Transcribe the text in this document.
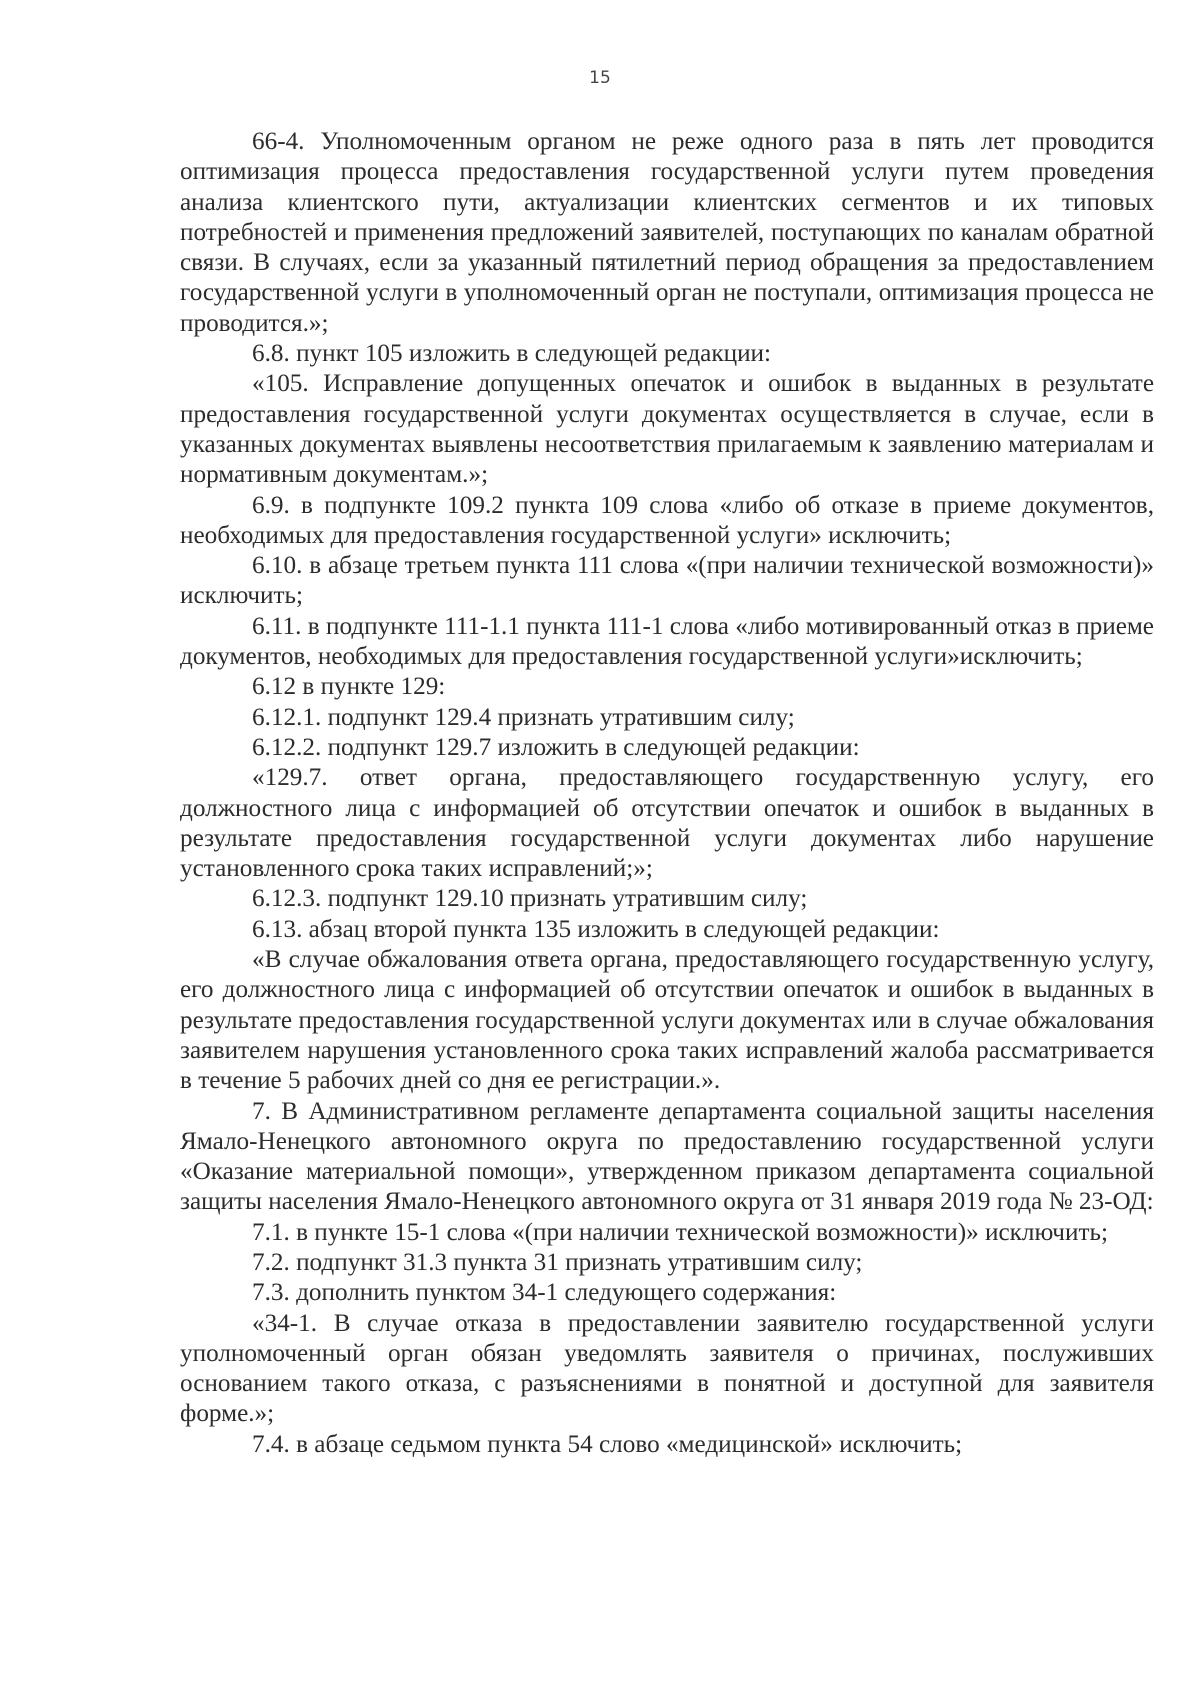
15

66-4. Уполномоченным органом не реже одного раза в пять лет проводится оптимизация процесса предоставления государственной услуги путем проведения анализа клиентского пути, актуализации клиентских сегментов и их типовых потребностей и применения предложений заявителей, поступающих по каналам обратной связи. В случаях, если за указанный пятилетний период обращения за предоставлением государственной услуги в уполномоченный орган не поступали, оптимизация процесса не проводится.»;

6.8. пункт 105 изложить в следующей редакции:

«105. Исправление допущенных опечаток и ошибок в выданных в результате предоставления государственной услуги документах осуществляется в случае, если в указанных документах выявлены несоответствия прилагаемым к заявлению материалам и нормативным документам.»;

6.9. в подпункте 109.2 пункта 109 слова «либо об отказе в приеме документов, необходимых для предоставления государственной услуги» исключить;

6.10. в абзаце третьем пункта 111 слова «(при наличии технической возможности)» исключить;

6.11. в подпункте 111-1.1 пункта 111-1 слова «либо мотивированный отказ в приеме документов, необходимых для предоставления государственной услуги»исключить;

6.12 в пункте 129:

6.12.1. подпункт 129.4 признать утратившим силу;

6.12.2. подпункт 129.7 изложить в следующей редакции:

«129.7. ответ органа, предоставляющего государственную услугу, его должностного лица с информацией об отсутствии опечаток и ошибок в выданных в результате предоставления государственной услуги документах либо нарушение установленного срока таких исправлений;»;

6.12.3. подпункт 129.10 признать утратившим силу;

6.13. абзац второй пункта 135 изложить в следующей редакции:

«В случае обжалования ответа органа, предоставляющего государственную услугу, его должностного лица с информацией об отсутствии опечаток и ошибок в выданных в результате предоставления государственной услуги документах или в случае обжалования заявителем нарушения установленного срока таких исправлений жалоба рассматривается в течение 5 рабочих дней со дня ее регистрации.».

7. В Административном регламенте департамента социальной защиты населения Ямало-Ненецкого автономного округа по предоставлению государственной услуги «Оказание материальной помощи», утвержденном приказом департамента социальной защиты населения Ямало-Ненецкого автономного округа от 31 января 2019 года № 23-ОД:

7.1. в пункте 15-1 слова «(при наличии технической возможности)» исключить;

7.2. подпункт 31.3 пункта 31 признать утратившим силу;

7.3. дополнить пунктом 34-1 следующего содержания:

«34-1. В случае отказа в предоставлении заявителю государственной услуги уполномоченный орган обязан уведомлять заявителя о причинах, послуживших основанием такого отказа, с разъяснениями в понятной и доступной для заявителя форме.»;

7.4. в абзаце седьмом пункта 54 слово «медицинской» исключить;
